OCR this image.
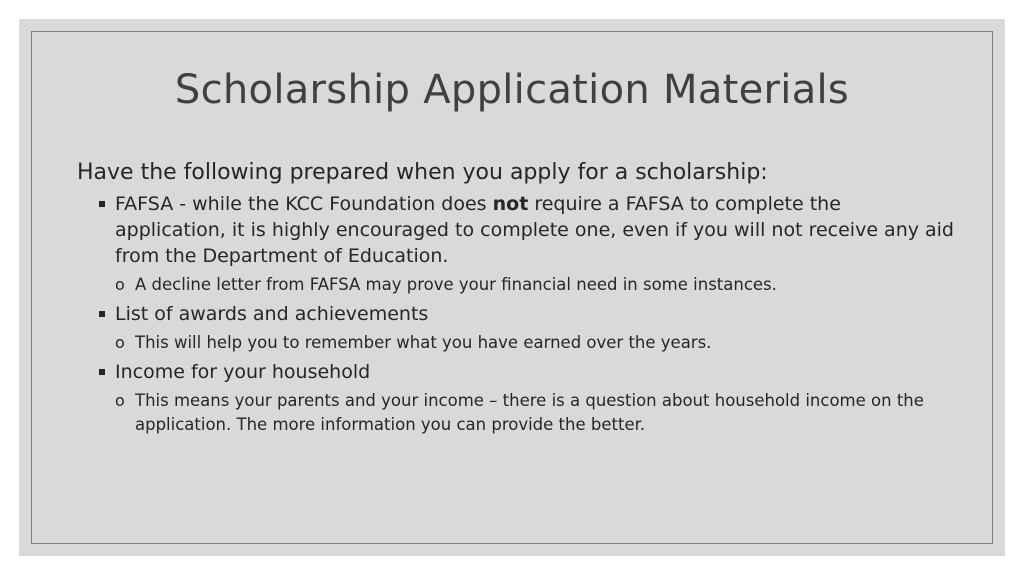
Scholarship Application Materials

Have the following prepared when you apply for a scholarship:

FAFSA - while the KCC Foundation does not require a FAFSA to complete the application, it is highly encouraged to complete one, even if you will not receive any aid from the Department of Education.
o A decline letter from FAFSA may prove your financial need in some instances.
List of awards and achievements
o This will help you to remember what you have earned over the years.
Income for your household
o This means your parents and your income – there is a question about household income on the application. The more information you can provide the better.
